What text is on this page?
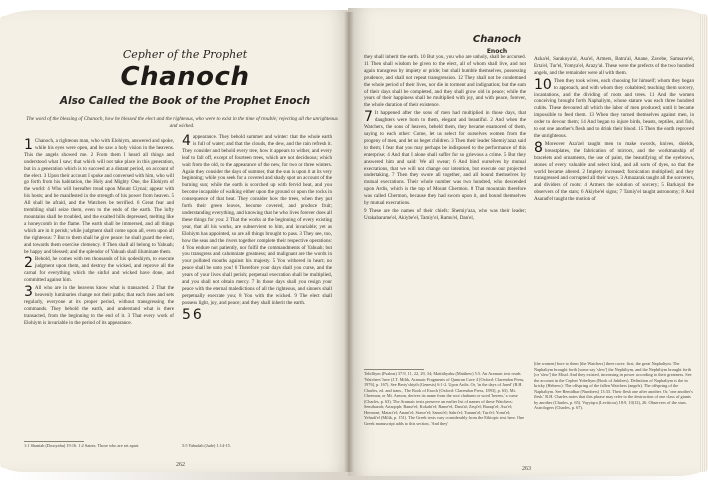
Cepher of the Prophet
Chanoch
Also Called the Book of the Prophet Enoch
The word of the blessing of Chanoch, how he blessed the elect and the righteous, who were to exist in the time of trouble; rejecting all the unrighteous and wicked.

1 Chanoch, a righteous man, who with Elohiym, answered and spoke, while his eyes were open, and he saw a holy vision in the heavens. This the angels showed me. 2 From them I heard all things and understood what I saw; that which will not take place in this generation, but in a generation which is to succeed at a distant period, on account of the elect. 3 Upon their account I spoke and conversed with him, who will go forth from his habitation, the Holy and Mighty One, the Elohiym of the world: 4 Who will hereafter tread upon Mount Ciynai; appear with his hosts; and be manifested in the strength of his power from heaven. 5 All shall be afraid, and the Watchers be terrified. 6 Great fear and trembling shall seize them, even to the ends of the earth. The lofty mountains shall be troubled, and the exalted hills depressed, melting like a honeycomb in the flame. The earth shall be immersed, and all things which are in it perish; while judgment shall come upon all, even upon all the righteous: 7 But to them shall he give peace: he shall guard the elect, and towards them exercise clemency. 8 Then shall all belong to Yahuah; be happy and blessed; and the splendor of Yahuah shall illuminate them.

2 Behold, he comes with ten thousands of his qodeshiym, to execute judgment upon them, and destroy the wicked, and reprove all the carnal for everything which the sinful and wicked have done, and committed against him.

3 All who are in the heavens know what is transacted. 2 That the heavenly luminaries change not their paths; that each rises and sets regularly, everyone at its proper period, without transgressing the commands. They behold the earth, and understand what is there transacted, from the beginning to the end of it. 3 That every work of Elohiym is invariable in the period of its appearance.

4 appearance. They behold summer and winter: that the whole earth is full of water; and that the clouds, the dew, and the rain refresh it. They consider and behold every tree, how it appears to wither, and every leaf to fall off, except of fourteen trees, which are not deciduous; which wait from the old, to the appearance of the new, for two or three winters. Again they consider the days of summer, that the sun is upon it at its very beginning; while you seek for a covered and shady spot on account of the burning sun; while the earth is scorched up with fervid heat, and you become incapable of walking either upon the ground or upon the rocks in consequence of that heat. They consider how the trees, when they put forth their green leaves, become covered, and produce fruit; understanding everything, and knowing that he who lives forever does all these things for you: 2 That the works at the beginning of every existing year, that all his works, are subservient to him, and invariable; yet as Elohiym has appointed, so are all things brought to pass. 3 They see, too, how the seas and the rivers together complete their respective operations: 4 You endure not patiently, nor fulfil the commandments of Yahuah; but you transgress and calumniate greatness; and malignant are the words in your polluted mouths against his majesty. 5 You withered in heart; no peace shall be unto you! 6 Therefore your days shall you curse, and the years of your lives shall perish; perpetual execration shall be multiplied, and you shall not obtain mercy. 7 In those days shall you resign your peace with the eternal maledictions of all the righteous, and sinners shall perpetually execrate you; 8 You with the wicked. 9 The elect shall possess light, joy, and peace; and they shall inherit the earth.

5 6

1:1 Shaniah (Doxiyahu) 19:16. 1:2 Saints. Those who are set apart.	5:5 Yahudah (Jude) 1:14-15.
262
Chanoch
Enoch

they shall inherit the earth. 10 But you, you who are unholy, shall be accursed. 11 Then shall wisdom be given to the elect, all of whom shall live, and not again transgress by impiety or pride; but shall humble themselves, possessing prudence, and shall not repeat transgression. 12 They shall not be condemned the whole period of their lives, nor die in torment and indignation; but the sum of their days shall be completed, and they shall grow old in peace; while the years of their happiness shall be multiplied with joy, and with peace, forever, the whole duration of their existence.

7 It happened after the sons of men had multiplied in those days, that daughters were born to them, elegant and beautiful. 2 And when the Watchers, the sons of heaven, beheld them, they became enamored of them, saying to each other: Come, let us select for ourselves women from the progeny of men, and let us beget children. 3 Then their leader Shemiy'azaz said to them; I fear that you may perhaps be indisposed to the performance of this enterprise; 4 And that I alone shall suffer for so grievous a crime. 5 But they answered him and said: We all swear; 6 And bind ourselves by mutual execrations, that we will not change our intention, but execute our projected undertaking. 7 Then they swore all together, and all bound themselves by mutual execrations. Their whole number was two hundred, who descended upon Ardis, which is the top of Mount Chermon. 8 That mountain therefore was called Chermon, because they had sworn upon it, and bound themselves by mutual execrations.

9 These are the names of their chiefs: Shemiy'aza, who was their leader; Urakabarame'el, Akiybe'el, Tamiy'el, Ramu'el, Dan'el,

Azka'el, Saraknya'al, Asa'el, Armers, Batra'al, Anane, Zavebe, Samsave'el, Erta'el, Tur'el, Yomya'el, Arazy'al. These were the prefects of the two hundred angels, and the remainder were all with them.

10 Then they took wives, each choosing for himself; whom they began to approach, and with whom they cohabited; teaching them sorcery, incantations, and the dividing of roots and trees. 11 And the women conceiving brought forth Naphaliym, whose stature was each three hundred cubits. These devoured all which the labor of men produced; until it became impossible to feed them. 13 When they turned themselves against men, in order to devour them; 14 And began to injure birds, beasts, reptiles, and fish, to eat one another's flesh and to drink their blood. 15 Then the earth reproved the unrighteous.

8 Moreover Aza'zel taught men to make swords, knives, shields, breastplates, the fabrication of mirrors, and the workmanship of bracelets and ornaments, the use of paint, the beautifying of the eyebrows, stones of every valuable and select kind, and all sorts of dyes, so that the world became altered. 2 Impiety increased; fornication multiplied; and they transgressed and corrupted all their ways. 3 Amazarak taught all the sorcerers, and dividers of roots: 4 Armers the solution of sorcery; 5 Barkayal the observers of the stars; 6 Akiybe'el signs; 7 Tamiy'el taught astronomy; 8 And Asarad'el taught the motion of

Tehilliym (Psalms) 37:9, 11, 22, 29, 34; Mattithyahu (Matthew) 5:5. An Aramaic text reads 'Watchers' here (J.T. Milik, Aramaic Fragments of Qumran Cave 4 [Oxford: Clarendon Press, 1976], p. 167). See Beriy'shiyth (Genesis) 6:1-2. Upon Ardis. Or, 'in the days of Jared' (R.H. Charles, ed. and trans., The Book of Enoch [Oxford: Clarendon Press, 1893], p. 63). Mt. Chermon, or Mt. Armon, derives its name from the root chaharm or word 'herem,' a curse (Charles, p. 63). The Aramaic texts preserve an earlier list of names of these Watchers: Semihazah; Artaqoph; Rame'el; Kokabi'el; Rame'el; Dani'al; Zeqi'el; Baraqi'el; Asa'el; Hermoni; Matari'el; Anani'el; Stawe'el; Samsi'el; Sahri'el; Tummi'el; Turi'el; Yomi'el; Yehadi'el (Milik, p. 151). The Greek texts vary considerably from the Ethiopic text here. One Greek manuscript adds to this section, 'And they'
[the women] bore to them [the Watchers] three races: first, the great Naphaliym. The Naphaliym brought forth [some say 'slew'] the Nephiliym, and the Nephiliym brought forth [or 'slew'] the Eliud. And they existed, increasing in power according to their greatness. See the account in the Cepher Yobeliym (Book of Jubilees). Definition of Naphaliym is the in bricky (Hebrew): The offspring of the fallen Watchers (angels). The offspring of the Naphaliym. See Bemidbar (Numbers) 13:33. Their flesh one after another. Or, 'one another's flesh.' R.H. Charles notes that this phrase may refer to the destruction of one class of giants by another (Charles, p. 65). Vayyiqra (Leviticus) 18:9, 10(12), 26. Observers of the stars. Astrologers (Charles, p. 67).
263
